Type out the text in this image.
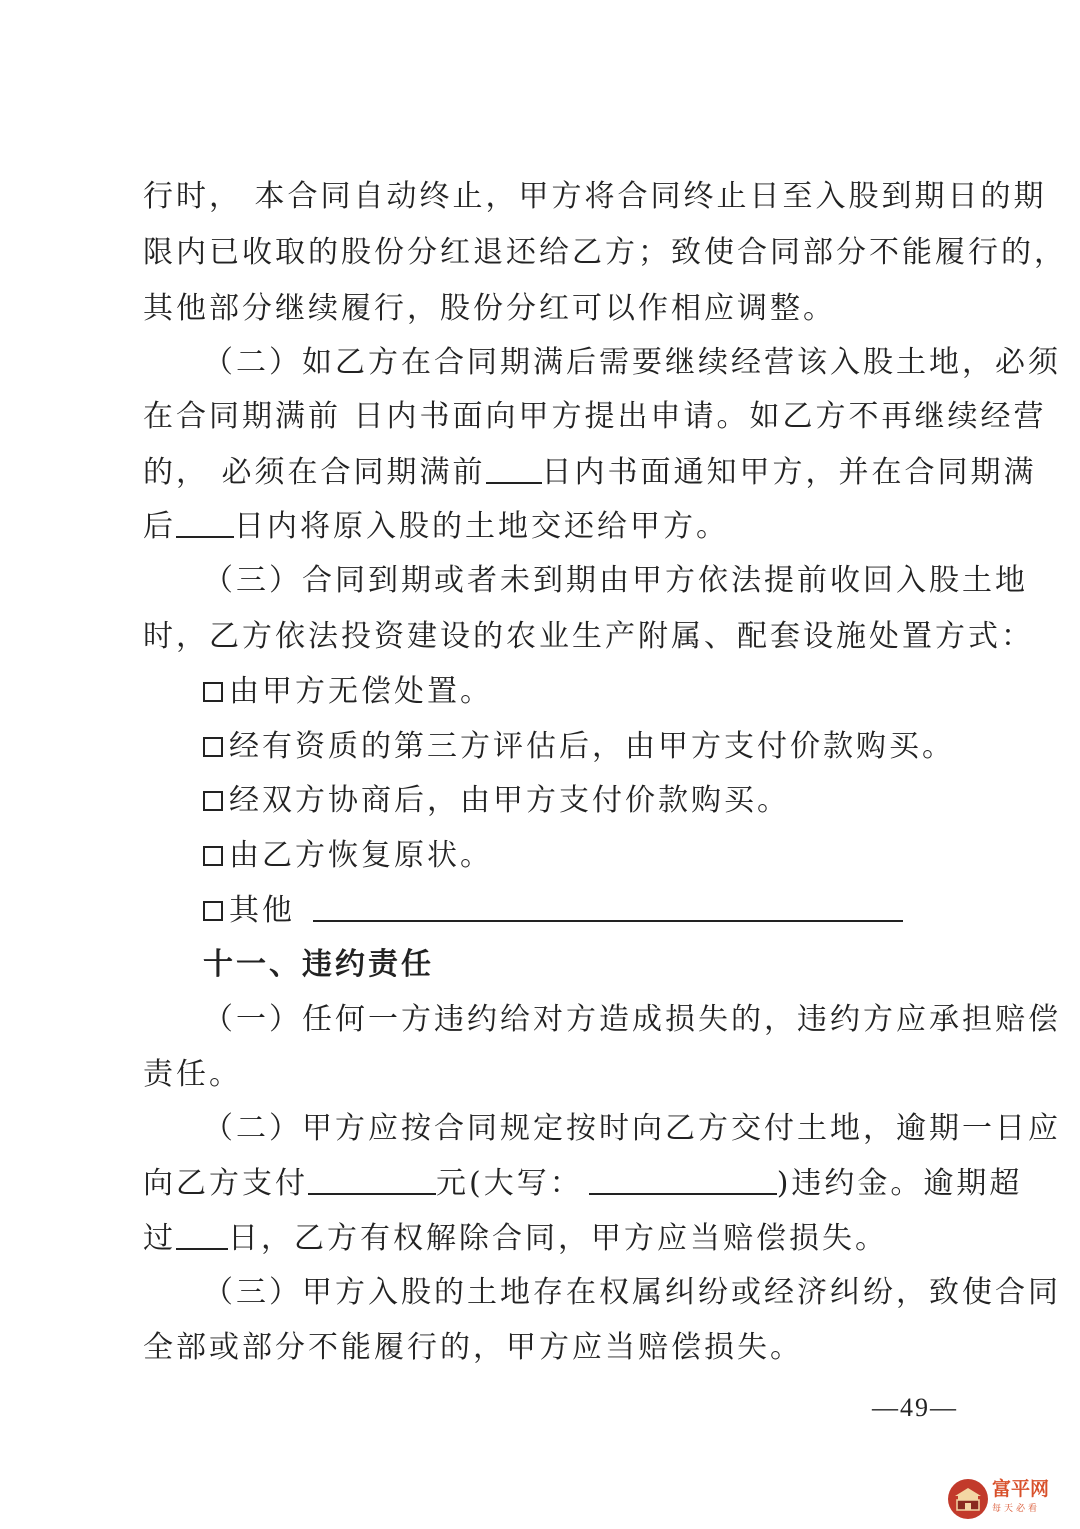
行时， 本合同自动终止，甲方将合同终止日至入股到期日的期
限内已收取的股份分红退还给乙方；致使合同部分不能履行的，
其他部分继续履行，股份分红可以作相应调整。
（二）如乙方在合同期满后需要继续经营该入股土地，必须
在合同期满前 日内书面向甲方提出申请。如乙方不再继续经营
的， 必须在合同期满前 日内书面通知甲方，并在合同期满
后 日内将原入股的土地交还给甲方。
（三）合同到期或者未到期由甲方依法提前收回入股土地
时，乙方依法投资建设的农业生产附属、配套设施处置方式：
由甲方无偿处置。
经有资质的第三方评估后，由甲方支付价款购买。
经双方协商后，由甲方支付价款购买。
由乙方恢复原状。
其他
十一、违约责任
（一）任何一方违约给对方造成损失的，违约方应承担赔偿
责任。
（二）甲方应按合同规定按时向乙方交付土地，逾期一日应
向乙方支付	元(大写：	)违约金。逾期超
过 日，乙方有权解除合同，甲方应当赔偿损失。
（三）甲方入股的土地存在权属纠纷或经济纠纷，致使合同
全部或部分不能履行的，甲方应当赔偿损失。
—49—
富平网
每天必看
